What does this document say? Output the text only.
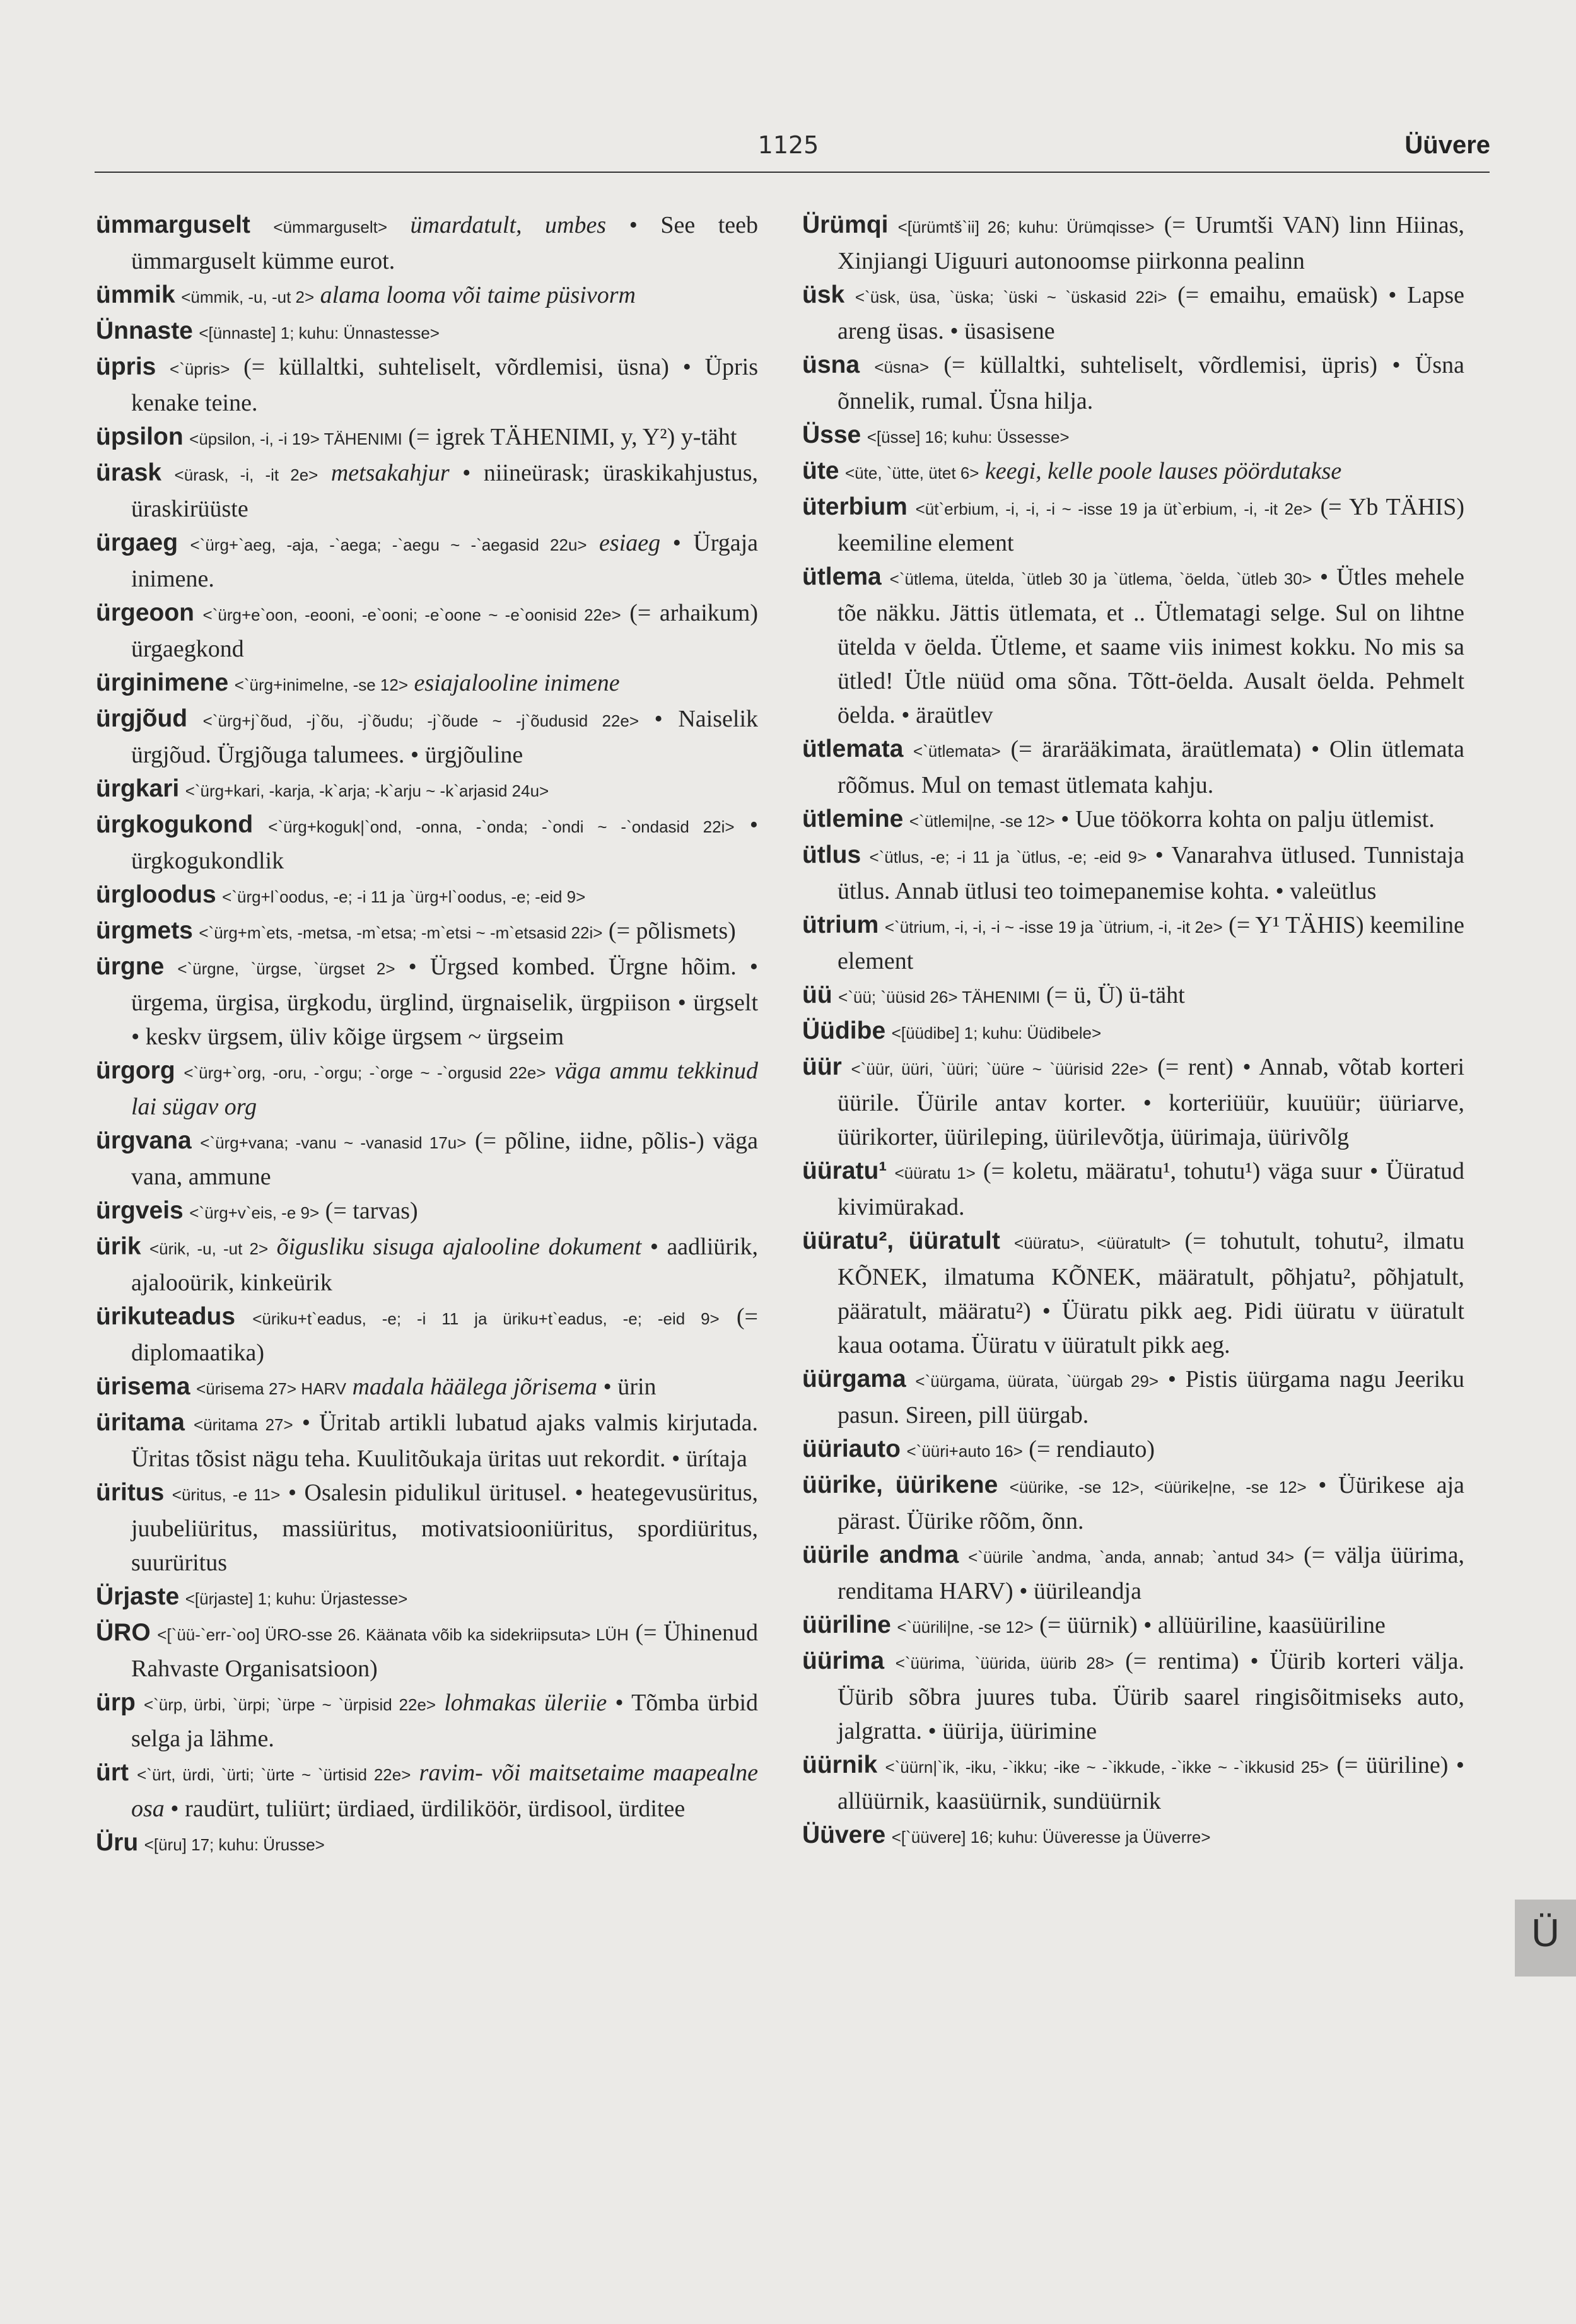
1125	Üüvere
ümmarguselt <ümmarguselt> ümardatult, umbes • See teeb ümmarguselt kümme eurot.
ümmik <ümmik, -u, -ut 2> alama looma või taime püsivorm
Ünnaste <[ünnaste] 1; kuhu: Ünnastesse>
üpris <`üpris> (= küllaltki, suhteliselt, võrdlemisi, üsna) • Üpris kenake teine.
üpsilon <üpsilon, -i, -i 19> TÄHENIMI (= igrek TÄHENIMI, y, Y²) y-täht
ürask <ürask, -i, -it 2e> metsakahjur • niineürask; üraskikahjustus, üraskirüüste
ürgaeg <`ürg+`aeg, -aja, -`aega; -`aegu ~ -`aegasid 22u> esiaeg • Ürgaja inimene.
ürgeoon <`ürg+e`oon, -eooni, -e`ooni; -e`oone ~ -e`oonisid 22e> (= arhaikum) ürgaegkond
ürginimene <`ürg+inimelne, -se 12> esiajalooline inimene
ürgjõud <`ürg+j`õud, -j`õu, -j`õudu; -j`õude ~ -j`õudusid 22e> • Naiselik ürgjõud. Ürgjõuga talumees. • ürgjõuline
ürgkari <`ürg+kari, -karja, -k`arja; -k`arju ~ -k`arjasid 24u>
ürgkogukond <`ürg+koguk|`ond, -onna, -`onda; -`ondi ~ -`ondasid 22i> • ürgkogukondlik
ürgloodus <`ürg+l`oodus, -e; -i 11 ja `ürg+l`oodus, -e; -eid 9>
ürgmets <`ürg+m`ets, -metsa, -m`etsa; -m`etsi ~ -m`etsasid 22i> (= põlismets)
ürgne <`ürgne, `ürgse, `ürgset 2> • Ürgsed kombed. Ürgne hõim. • ürgema, ürgisa, ürgkodu, ürglind, ürgnaiselik, ürgpiison • ürgselt • keskv ürgsem, üliv kõige ürgsem ~ ürgseim
ürgorg <`ürg+`org, -oru, -`orgu; -`orge ~ -`orgusid 22e> väga ammu tekkinud lai sügav org
ürgvana <`ürg+vana; -vanu ~ -vanasid 17u> (= põline, iidne, põlis-) väga vana, ammune
ürgveis <`ürg+v`eis, -e 9> (= tarvas)
ürik <ürik, -u, -ut 2> õigusliku sisuga ajalooline dokument • aadliürik, ajalooürik, kinkeürik
ürikuteadus <üriku+t`eadus, -e; -i 11 ja üriku+t`eadus, -e; -eid 9> (= diplomaatika)
ürisema <ürisema 27> HARV madala häälega jõrisema • ürin
üritama <üritama 27> • Üritab artikli lubatud ajaks valmis kirjutada. Üritas tõsist nägu teha. Kuulitõukaja üritas uut rekordit. • ürítaja
üritus <üritus, -e 11> • Osalesin pidulikul üritusel. • heategevusüritus, juubeliüritus, massiüritus, motivatsiooniüritus, spordiüritus, suurüritus
Ürjaste <[ürjaste] 1; kuhu: Ürjastesse>
ÜRO <[`üü-`err-`oo] ÜRO-sse 26. Käänata võib ka sidekriipsuta> LÜH (= Ühinenud Rahvaste Organisatsioon)
ürp <`ürp, ürbi, `ürpi; `ürpe ~ `ürpisid 22e> lohmakas üleriie • Tõmba ürbid selga ja lähme.
ürt <`ürt, ürdi, `ürti; `ürte ~ `ürtisid 22e> ravim- või maitsetaime maapealne osa • raudürt, tuliürt; ürdiaed, ürdiliköör, ürdisool, ürditee
Üru <[üru] 17; kuhu: Ürusse>
Ürümqi <[ürümtš`ii] 26; kuhu: Ürümqisse> (= Urumtši VAN) linn Hiinas, Xinjiangi Uiguuri autonoomse piirkonna pealinn
üsk <`üsk, üsa, `üska; `üski ~ `üskasid 22i> (= emaihu, emaüsk) • Lapse areng üsas. • üsasisene
üsna <üsna> (= küllaltki, suhteliselt, võrdlemisi, üpris) • Üsna õnnelik, rumal. Üsna hilja.
Üsse <[üsse] 16; kuhu: Üssesse>
üte <üte, `ütte, ütet 6> keegi, kelle poole lauses pöördutakse
üterbium <üt`erbium, -i, -i, -i ~ -isse 19 ja üt`erbium, -i, -it 2e> (= Yb TÄHIS) keemiline element
ütlema <`ütlema, ütelda, `ütleb 30 ja `ütlema, `öelda, `ütleb 30> • Ütles mehele tõe näkku. Jättis ütlemata, et .. Ütlematagi selge. Sul on lihtne ütelda v öelda. Ütleme, et saame viis inimest kokku. No mis sa ütled! Ütle nüüd oma sõna. Tõtt-öelda. Ausalt öelda. Pehmelt öelda. • äraütlev
ütlemata <`ütlemata> (= ärarääkimata, äraütlematа) • Olin ütlematа rõõmus. Mul on temast ütlematа kahju.
ütlemine <`ütlemi|ne, -se 12> • Uue töökorra kohta on palju ütlemist.
ütlus <`ütlus, -e; -i 11 ja `ütlus, -e; -eid 9> • Vanarahva ütlused. Tunnistaja ütlus. Annab ütlusi teo toimepanemise kohta. • valeütlus
ütrium <`ütrium, -i, -i, -i ~ -isse 19 ja `ütrium, -i, -it 2e> (= Y¹ TÄHIS) keemiline element
üü <`üü; `üüsid 26> TÄHENIMI (= ü, Ü) ü-täht
Üüdibe <[üüdibe] 1; kuhu: Üüdibele>
üür <`üür, üüri, `üüri; `üüre ~ `üürisid 22e> (= rent) • Annab, võtab korteri üürile. Üürile antav korter. • korteriüür, kuuüür; üüriarve, üürikorter, üürileping, üürilevõtja, üürimaja, üürivõlg
üüratu¹ <üüratu 1> (= koletu, määratu¹, tohutu¹) väga suur • Üüratud kivimürakad.
üüratu², üüratult <üüratu>, <üüratult> (= tohutult, tohutu², ilmatu KÕNEK, ilmatuma KÕNEK, määratult, põhjatu², põhjatult, pääratult, määratu²) • Üüratu pikk aeg. Pidi üüratu v üüratult kaua ootama. Üüratu v üüratult pikk aeg.
üürgama <`üürgama, üürata, `üürgab 29> • Pistis üürgama nagu Jeeriku pasun. Sireen, pill üürgab.
üüriauto <`üüri+auto 16> (= rendiauto)
üürike, üürikene <üürike, -se 12>, <üürike|ne, -se 12> • Üürikese aja pärast. Üürike rõõm, õnn.
üürile andma <`üürile `andma, `anda, annab; `antud 34> (= välja üürima, renditama HARV) • üürileandja
üüriline <`üürili|ne, -se 12> (= üürnik) • allüüriline, kaasüüriline
üürima <`üürima, `üürida, üürib 28> (= rentima) • Üürib korteri välja. Üürib sõbra juures tuba. Üürib saarel ringisõitmiseks auto, jalgratta. • üürija, üürimine
üürnik <`üürn|`ik, -iku, -`ikku; -ike ~ -`ikkude, -`ikke ~ -`ikkusid 25> (= üüriline) • allüürnik, kaasüürnik, sundüürnik
Üüvere <[`üüvere] 16; kuhu: Üüveresse ja Üüverre>
Ü
